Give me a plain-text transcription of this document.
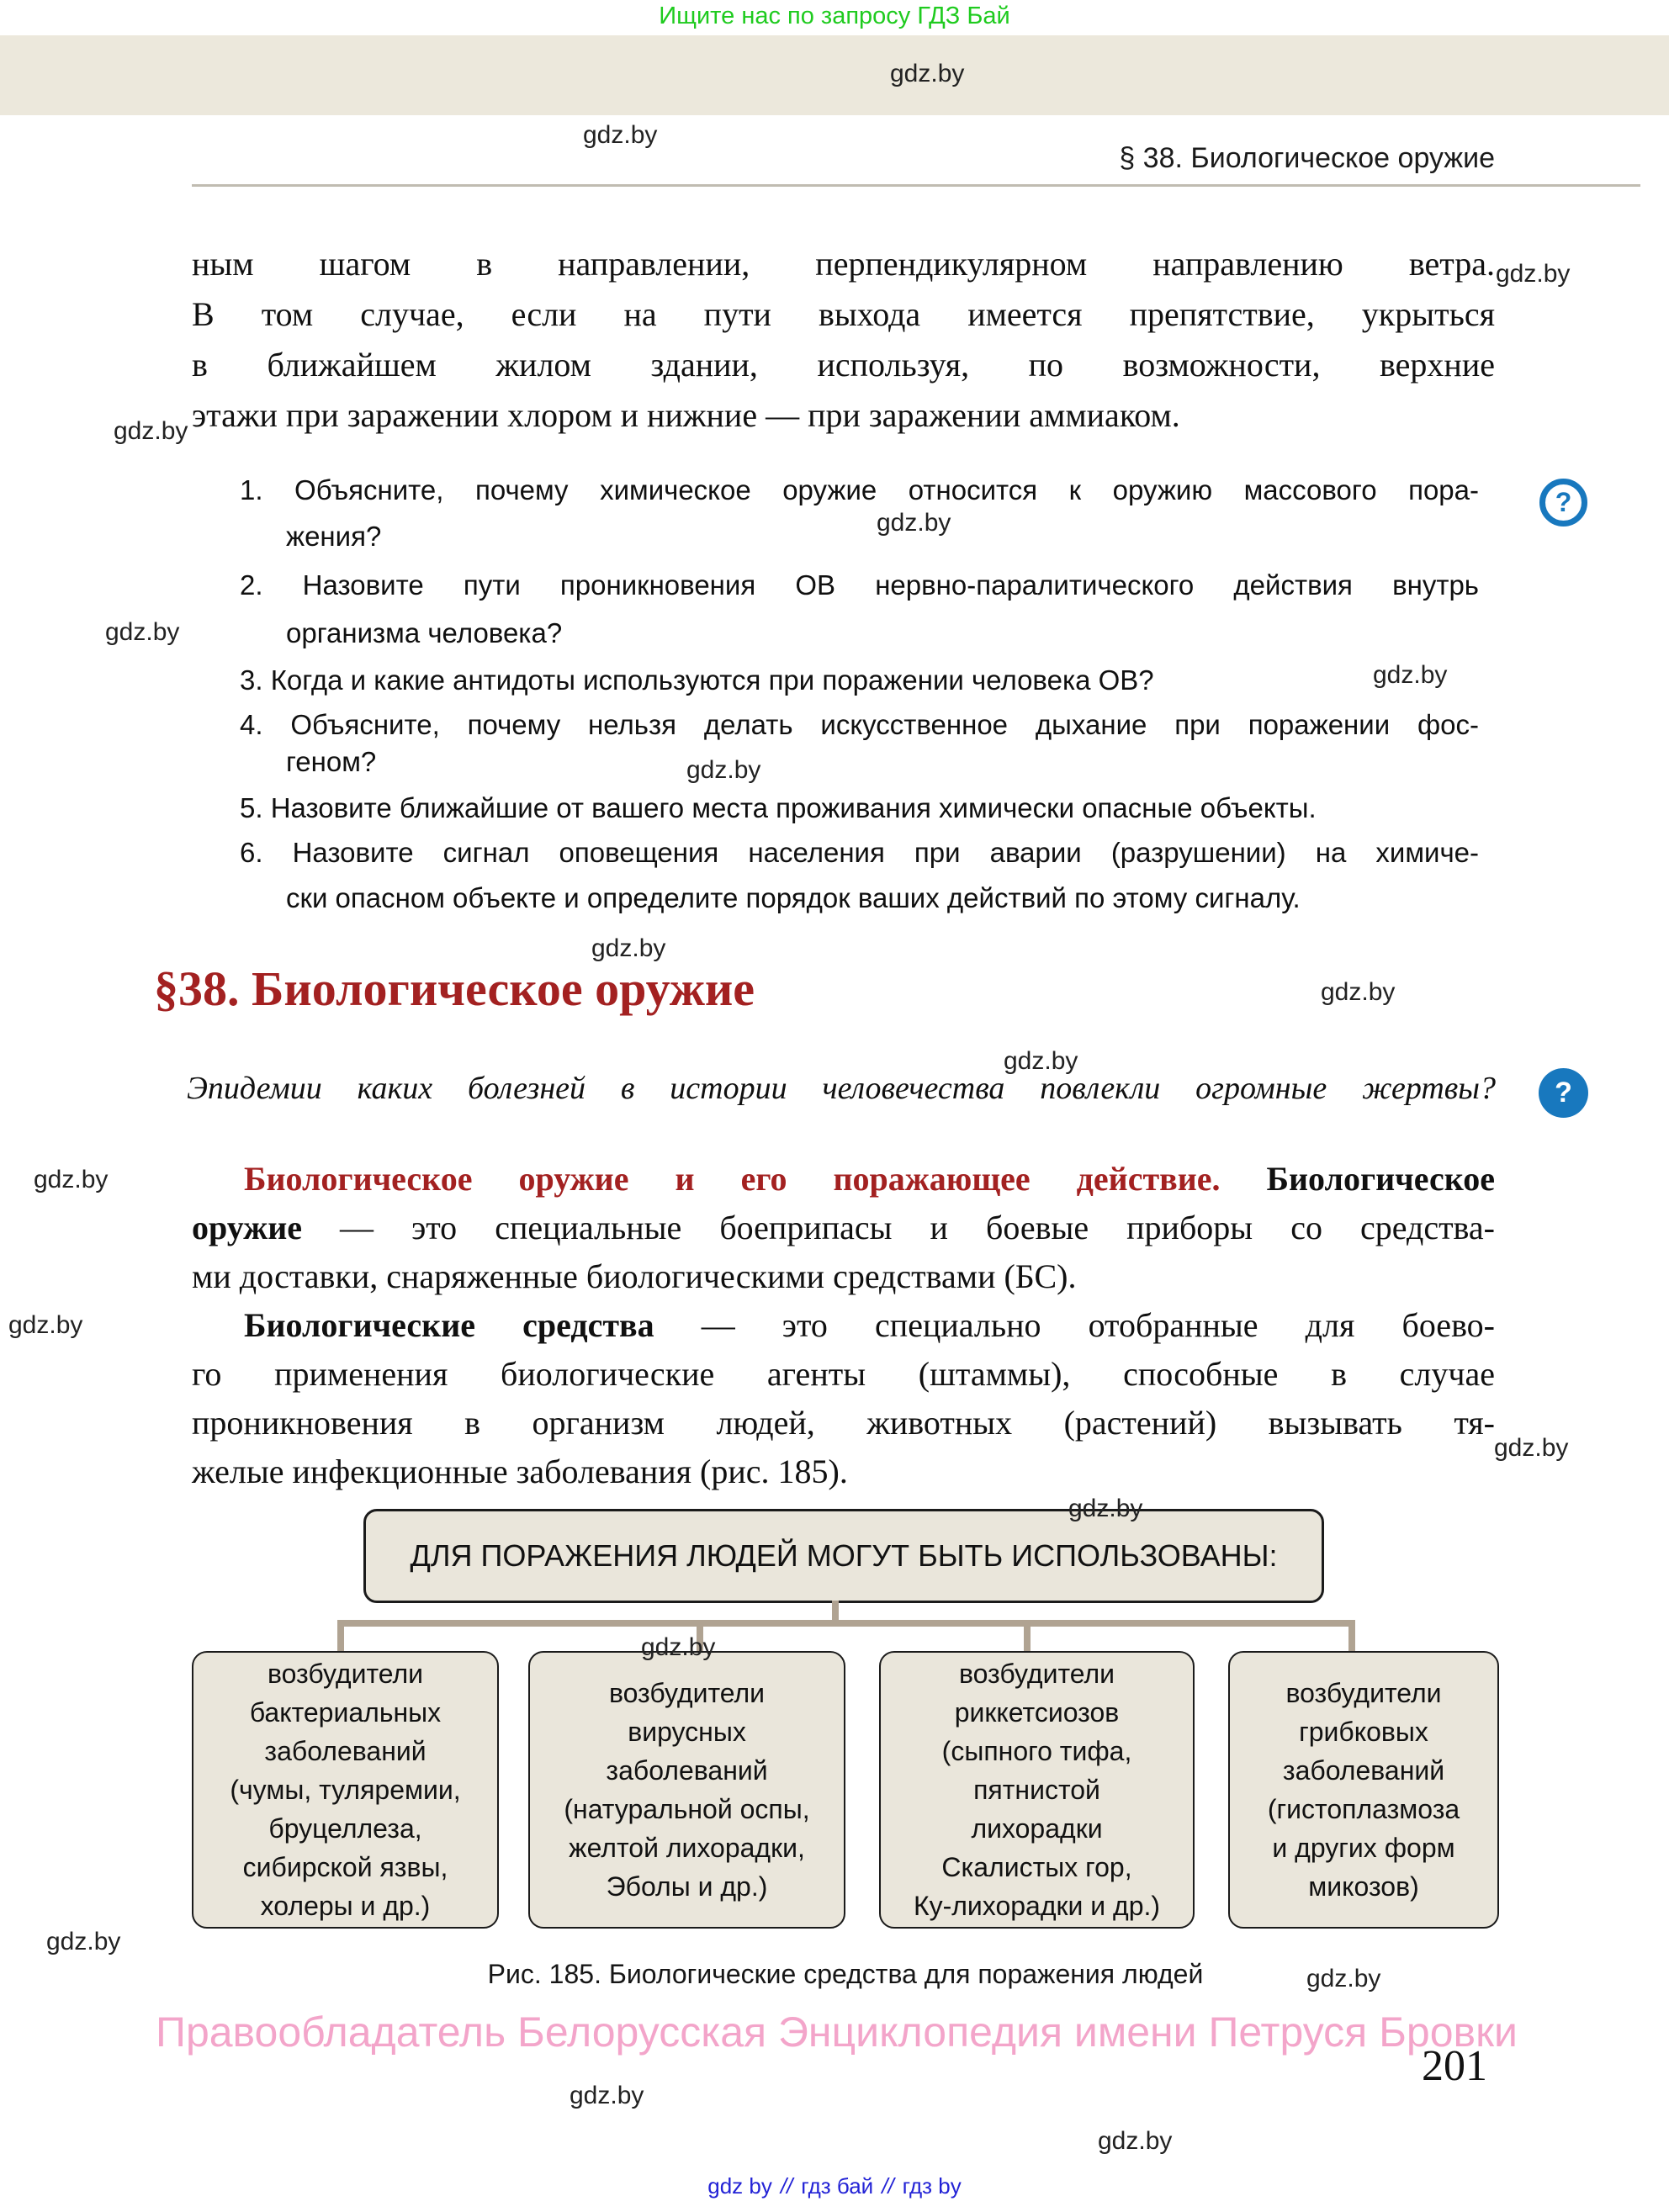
Ищите нас по запросу ГДЗ Бай
gdz.by
gdz.by
gdz.by
gdz.by
gdz.by
gdz.by
gdz.by
gdz.by
gdz.by
gdz.by
gdz.by
gdz.by
gdz.by
gdz.by
gdz.by
gdz.by
gdz.by
gdz.by
gdz.by
gdz.by
§ 38. Биологическое оружие
ным шагом в направлении, перпендикулярном направлению ветра.
В том случае, если на пути выхода имеется препятствие, укрыться
в ближайшем жилом здании, используя, по возможности, верхние
этажи при заражении хлором и нижние — при заражении аммиаком.
1. Объясните, почему химическое оружие относится к оружию массового пора-
жения?
2. Назовите пути проникновения ОВ нервно-паралитического действия внутрь
организма человека?
3. Когда и какие антидоты используются при поражении человека ОВ?
4. Объясните, почему нельзя делать искусственное дыхание при поражении фос-
геном?
5. Назовите ближайшие от вашего места проживания химически опасные объекты.
6. Назовите сигнал оповещения населения при аварии (разрушении) на химиче-
ски опасном объекте и определите порядок ваших действий по этому сигналу.
?
?
§38. Биологическое оружие
Эпидемии каких болезней в истории человечества повлекли огромные жертвы?
Биологическое оружие и его поражающее действие. Биологическое
оружие — это специальные боеприпасы и боевые приборы со средства-
ми доставки, снаряженные биологическими средствами (БС).
Биологические средства — это специально отобранные для боево-
го применения биологические агенты (штаммы), способные в случае
проникновения в организм людей, животных (растений) вызывать тя-
желые инфекционные заболевания (рис. 185).
ДЛЯ ПОРАЖЕНИЯ ЛЮДЕЙ МОГУТ БЫТЬ ИСПОЛЬЗОВАНЫ:
возбудители
бактериальных
заболеваний
(чумы, туляремии,
бруцеллеза,
сибирской язвы,
холеры и др.)
возбудители
вирусных
заболеваний
(натуральной оспы,
желтой лихорадки,
Эболы и др.)
возбудители
риккетсиозов
(сыпного тифа,
пятнистой
лихорадки
Скалистых гор,
Ку-лихорадки и др.)
возбудители
грибковых
заболеваний
(гистоплазмоза
и других форм
микозов)
Рис. 185. Биологические средства для поражения людей
Правообладатель Белорусская Энциклопедия имени Петруся Бровки
201
gdz by // гдз бай // гдз by
